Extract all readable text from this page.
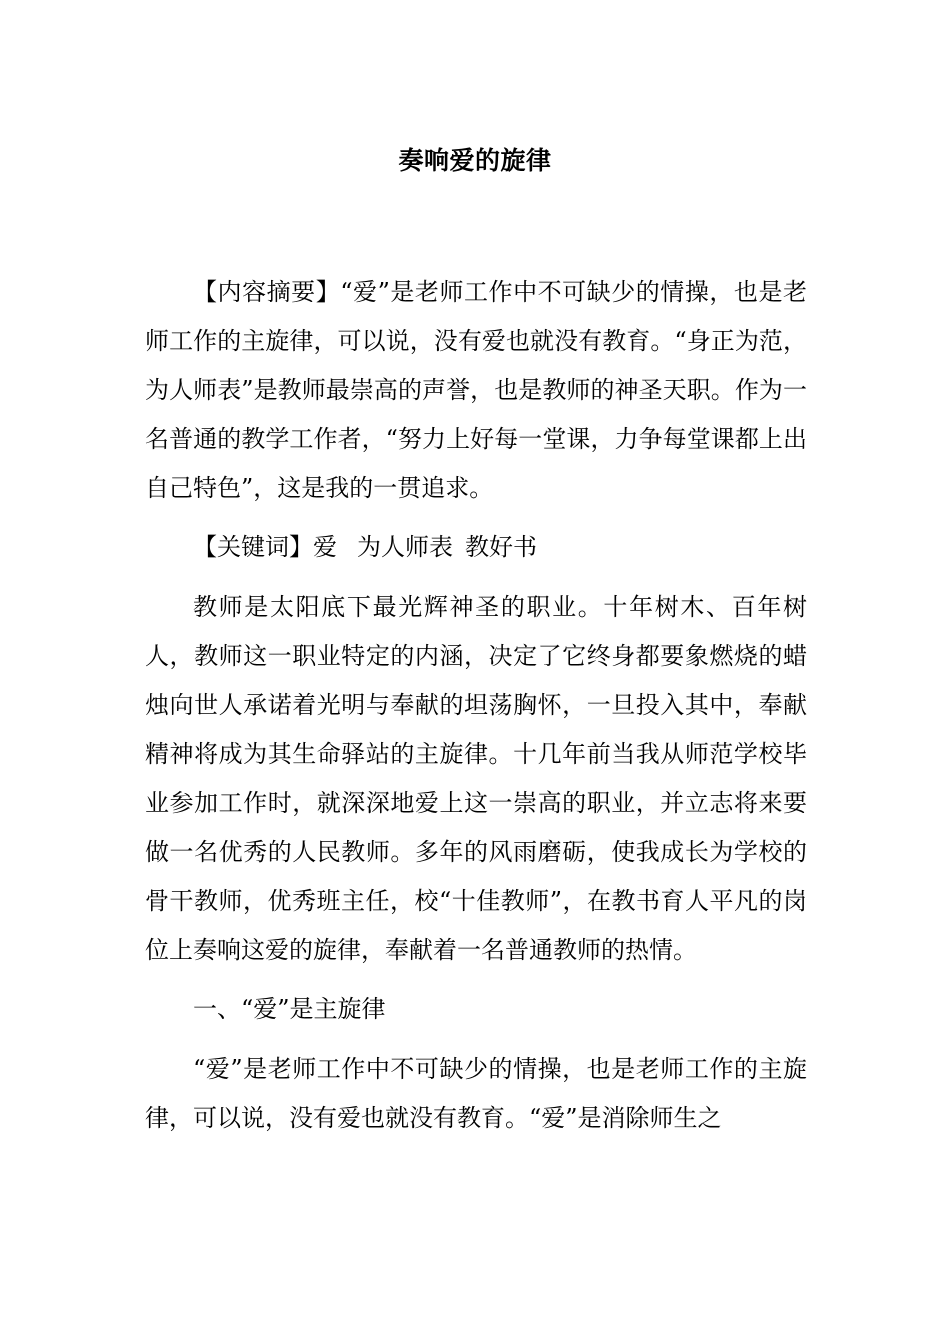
奏响爱的旋律

【内容摘要】“爱”是老师工作中不可缺少的情操，也是老师工作的主旋律，可以说，没有爱也就没有教育。“身正为范，为人师表”是教师最崇高的声誉，也是教师的神圣天职。作为一名普通的教学工作者，“努力上好每一堂课，力争每堂课都上出自己特色”，这是我的一贯追求。

【关键词】爱 为人师表 教好书

教师是太阳底下最光辉神圣的职业。十年树木、百年树人，教师这一职业特定的内涵，决定了它终身都要象燃烧的蜡烛向世人承诺着光明与奉献的坦荡胸怀，一旦投入其中，奉献精神将成为其生命驿站的主旋律。十几年前当我从师范学校毕业参加工作时，就深深地爱上这一崇高的职业，并立志将来要做一名优秀的人民教师。多年的风雨磨砺，使我成长为学校的骨干教师，优秀班主任，校“十佳教师”，在教书育人平凡的岗位上奏响这爱的旋律，奉献着一名普通教师的热情。

一、“爱”是主旋律

“爱”是老师工作中不可缺少的情操，也是老师工作的主旋律，可以说，没有爱也就没有教育。“爱”是消除师生之
